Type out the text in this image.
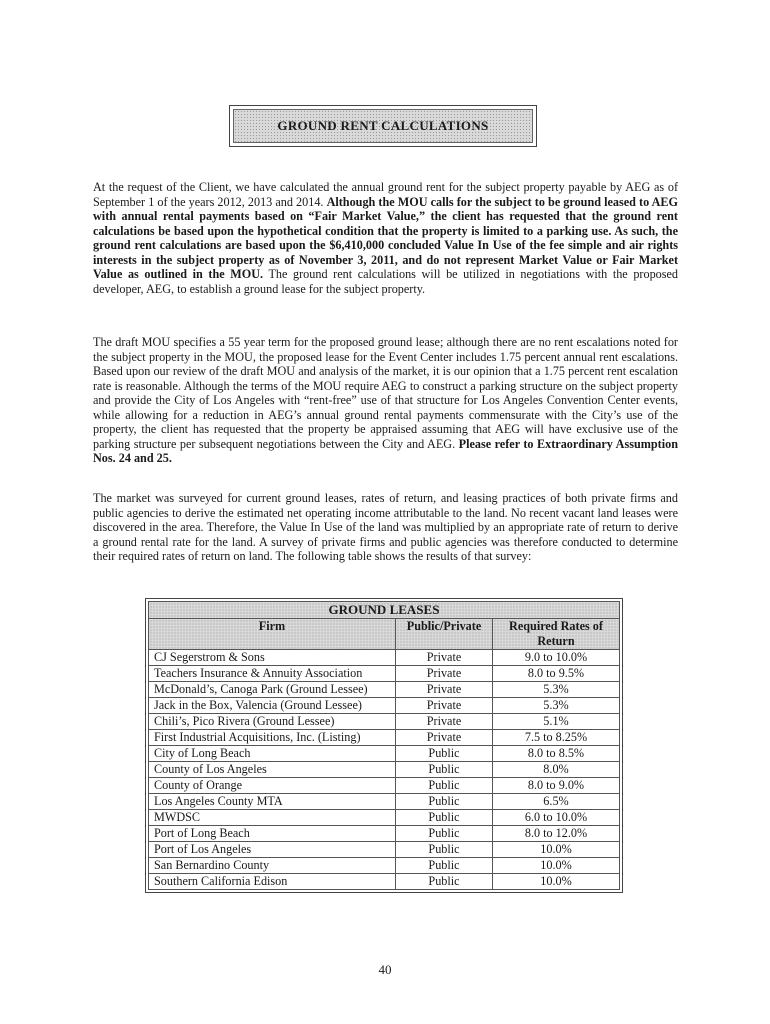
GROUND RENT CALCULATIONS

At the request of the Client, we have calculated the annual ground rent for the subject property payable by AEG as of September 1 of the years 2012, 2013 and 2014. Although the MOU calls for the subject to be ground leased to AEG with annual rental payments based on “Fair Market Value,” the client has requested that the ground rent calculations be based upon the hypothetical condition that the property is limited to a parking use. As such, the ground rent calculations are based upon the $6,410,000 concluded Value In Use of the fee simple and air rights interests in the subject property as of November 3, 2011, and do not represent Market Value or Fair Market Value as outlined in the MOU. The ground rent calculations will be utilized in negotiations with the proposed developer, AEG, to establish a ground lease for the subject property.

The draft MOU specifies a 55 year term for the proposed ground lease; although there are no rent escalations noted for the subject property in the MOU, the proposed lease for the Event Center includes 1.75 percent annual rent escalations. Based upon our review of the draft MOU and analysis of the market, it is our opinion that a 1.75 percent rent escalation rate is reasonable. Although the terms of the MOU require AEG to construct a parking structure on the subject property and provide the City of Los Angeles with “rent-free” use of that structure for Los Angeles Convention Center events, while allowing for a reduction in AEG’s annual ground rental payments commensurate with the City’s use of the property, the client has requested that the property be appraised assuming that AEG will have exclusive use of the parking structure per subsequent negotiations between the City and AEG. Please refer to Extraordinary Assumption Nos. 24 and 25.

The market was surveyed for current ground leases, rates of return, and leasing practices of both private firms and public agencies to derive the estimated net operating income attributable to the land. No recent vacant land leases were discovered in the area. Therefore, the Value In Use of the land was multiplied by an appropriate rate of return to derive a ground rental rate for the land. A survey of private firms and public agencies was therefore conducted to determine their required rates of return on land. The following table shows the results of that survey:

GROUND LEASES		
Firm	Public/Private	Required Rates of Return
CJ Segerstrom & Sons	Private	9.0 to 10.0%
Teachers Insurance & Annuity Association	Private	8.0 to 9.5%
McDonald’s, Canoga Park (Ground Lessee)	Private	5.3%
Jack in the Box, Valencia (Ground Lessee)	Private	5.3%
Chili’s, Pico Rivera (Ground Lessee)	Private	5.1%
First Industrial Acquisitions, Inc. (Listing)	Private	7.5 to 8.25%
City of Long Beach	Public	8.0 to 8.5%
County of Los Angeles	Public	8.0%
County of Orange	Public	8.0 to 9.0%
Los Angeles County MTA	Public	6.5%
MWDSC	Public	6.0 to 10.0%
Port of Long Beach	Public	8.0 to 12.0%
Port of Los Angeles	Public	10.0%
San Bernardino County	Public	10.0%
Southern California Edison	Public	10.0%
40
